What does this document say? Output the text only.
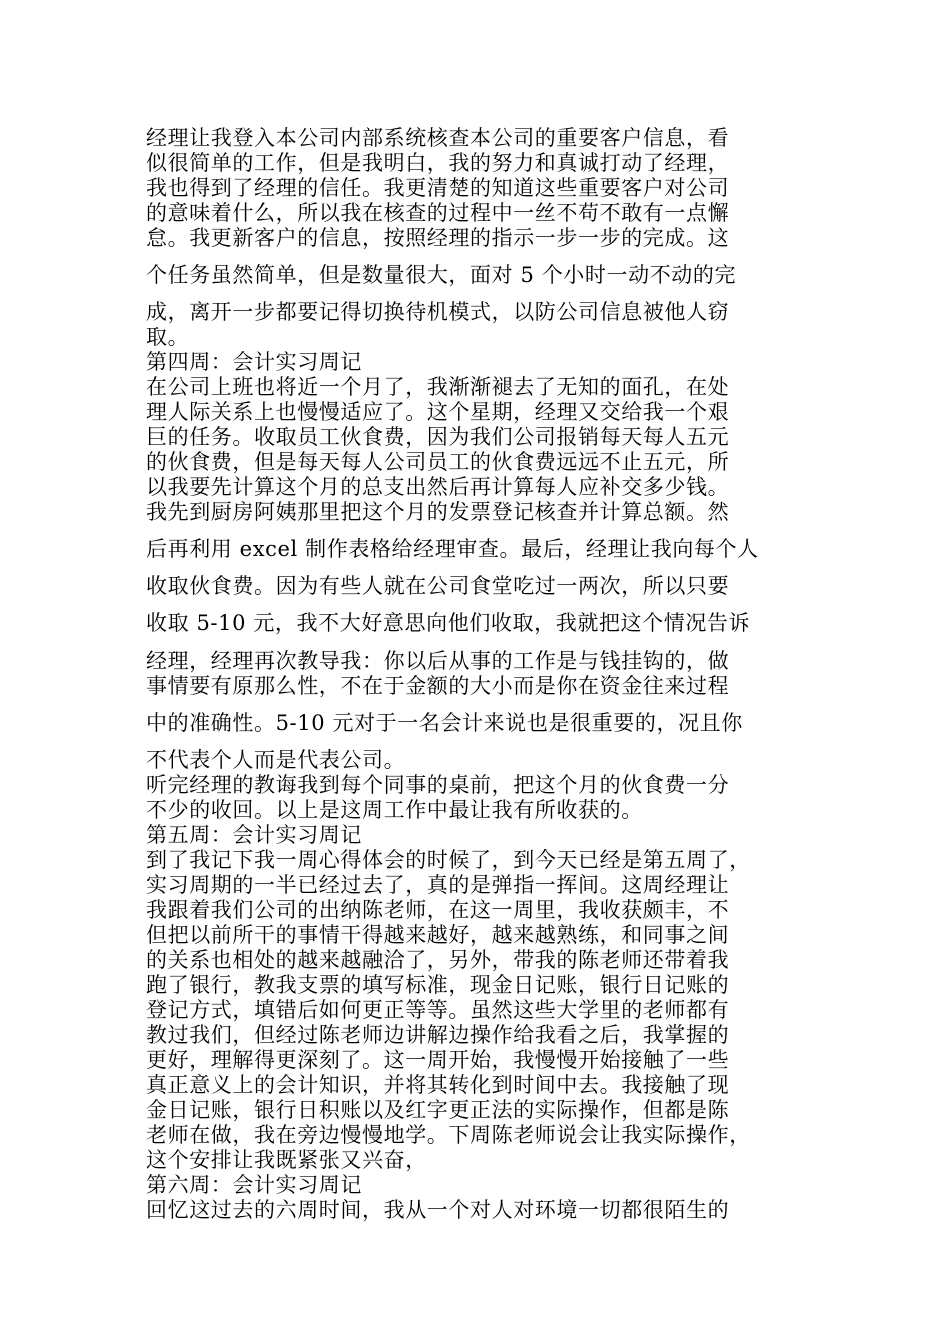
经理让我登入本公司内部系统核查本公司的重要客户信息，看
似很简单的工作，但是我明白，我的努力和真诚打动了经理，
我也得到了经理的信任。我更清楚的知道这些重要客户对公司
的意味着什么，所以我在核查的过程中一丝不苟不敢有一点懈
怠。我更新客户的信息，按照经理的指示一步一步的完成。这
个任务虽然简单，但是数量很大，面对 5 个小时一动不动的完
成，离开一步都要记得切换待机模式，以防公司信息被他人窃
取。
第四周：会计实习周记
在公司上班也将近一个月了，我渐渐褪去了无知的面孔，在处
理人际关系上也慢慢适应了。这个星期，经理又交给我一个艰
巨的任务。收取员工伙食费，因为我们公司报销每天每人五元
的伙食费，但是每天每人公司员工的伙食费远远不止五元，所
以我要先计算这个月的总支出然后再计算每人应补交多少钱。
我先到厨房阿姨那里把这个月的发票登记核查并计算总额。然
后再利用 excel 制作表格给经理审查。最后，经理让我向每个人
收取伙食费。因为有些人就在公司食堂吃过一两次，所以只要
收取 5-10 元，我不大好意思向他们收取，我就把这个情况告诉
经理，经理再次教导我：你以后从事的工作是与钱挂钩的，做
事情要有原那么性，不在于金额的大小而是你在资金往来过程
中的准确性。5-10 元对于一名会计来说也是很重要的，况且你
不代表个人而是代表公司。
听完经理的教诲我到每个同事的桌前，把这个月的伙食费一分
不少的收回。以上是这周工作中最让我有所收获的。
第五周：会计实习周记
到了我记下我一周心得体会的时候了，到今天已经是第五周了，
实习周期的一半已经过去了，真的是弹指一挥间。这周经理让
我跟着我们公司的出纳陈老师，在这一周里，我收获颇丰，不
但把以前所干的事情干得越来越好，越来越熟练，和同事之间
的关系也相处的越来越融洽了，另外，带我的陈老师还带着我
跑了银行，教我支票的填写标准，现金日记账，银行日记账的
登记方式，填错后如何更正等等。虽然这些大学里的老师都有
教过我们，但经过陈老师边讲解边操作给我看之后，我掌握的
更好，理解得更深刻了。这一周开始，我慢慢开始接触了一些
真正意义上的会计知识，并将其转化到时间中去。我接触了现
金日记账，银行日积账以及红字更正法的实际操作，但都是陈
老师在做，我在旁边慢慢地学。下周陈老师说会让我实际操作，
这个安排让我既紧张又兴奋，
第六周：会计实习周记
回忆这过去的六周时间，我从一个对人对环境一切都很陌生的
